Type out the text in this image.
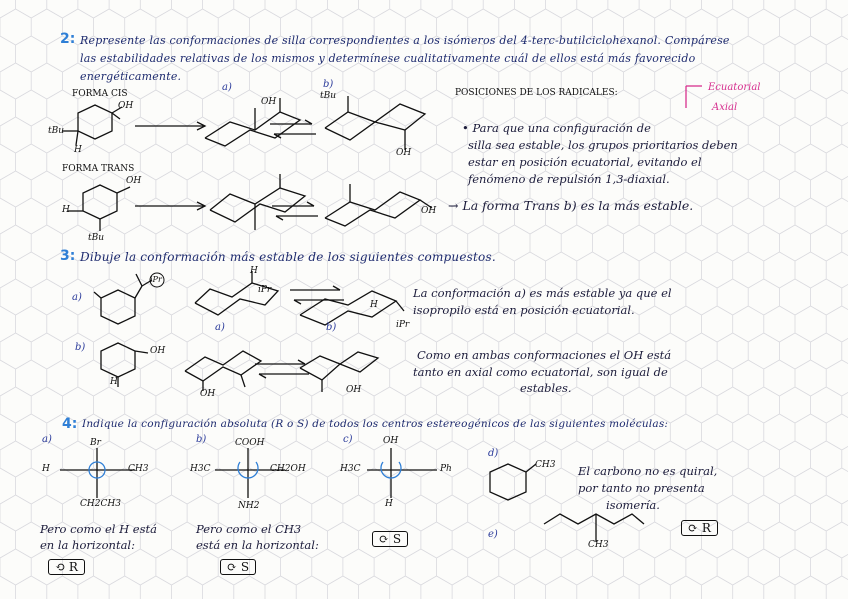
2: Represente las conformaciones de silla correspondientes a los isómeros del 4-terc-butilciclohexanol. Compárese
las estabilidades relativas de los mismos y determínese cualitativamente cuál de ellos está más favorecido
energéticamente.
FORMA CIS
FORMA TRANS
OH
tBu
H
a)	b)
OH
tBu
OH
OH
H
tBu
OH
POSICIONES DE LOS RADICALES:	Ecuatorial
Axial
• Para que una configuración de
silla sea estable, los grupos prioritarios deben
estar en posición ecuatorial, evitando el
fenómeno de repulsión 1,3-diaxial.
→ La forma Trans b) es la más estable.
3: Dibuje la conformación más estable de los siguientes compuestos.
a)
iPr
H
iPr
a)
H
iPr
b)
La conformación a) es más estable ya que el
isopropilo está en posición ecuatorial.
b)	OH
H
OH	OH
Como en ambas conformaciones el OH está
tanto en axial como ecuatorial, son igual de
estables.
4: Indique la configuración absoluta (R o S) de todos los centros estereogénicos de las siguientes moléculas:
a)	Br
H	CH3
CH2CH3
Pero como el H está
en la horizontal:
⟲ R
b)	COOH
H3C	CH2OH
NH2
Pero como el CH3
está en la horizontal:
⟳ S
c)	OH
H3C	Ph
H
⟳ S
d)
CH3 El carbono no es quiral,
por tanto no presenta
isomería.
e)
CH3
⟳ R
